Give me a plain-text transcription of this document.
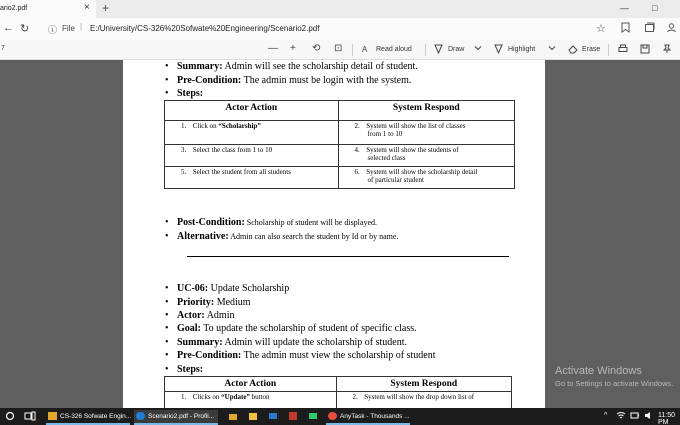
ario2.pdf	× +	—	□
← ↻ ⓘ File | E:/University/CS-326%20Sofwate%20Engineering/Scenario2.pdf	☆
7	— + ⟲ ⊡ A Read aloud	Draw	Highlight	Erase
• Summary: Admin will see the scholarship detail of student.
• Pre-Condition: The admin must be login with the system.
• Steps:
Actor Action	System Respond
1. Click on “Scholarship”	2. System will show the list of classes
from 1 to 10
3. Select the class from 1 to 10	4. System will show the students of
selected class
5. Select the student from all students	6. System will show the scholarship detail
of particular student
• Post-Condition: Scholarship of student will be displayed.
• Alternative: Admin can also search the student by Id or by name.
• UC-06: Update Scholarship
• Priority: Medium
• Actor: Admin
• Goal: To update the scholarship of student of specific class.
• Summary: Admin will update the scholarship of student.
• Pre-Condition: The admin must view the scholarship of student
• Steps:
Actor Action	System Respond
1. Clicks on “Update” button	2. System will show the drop down list of
Activate Windows
Go to Settings to activate Windows.
CS-326 Sofwate Engin...	Scenario2.pdf - Profil...	AnyTask - Thousands ...	^	11:50 PM
